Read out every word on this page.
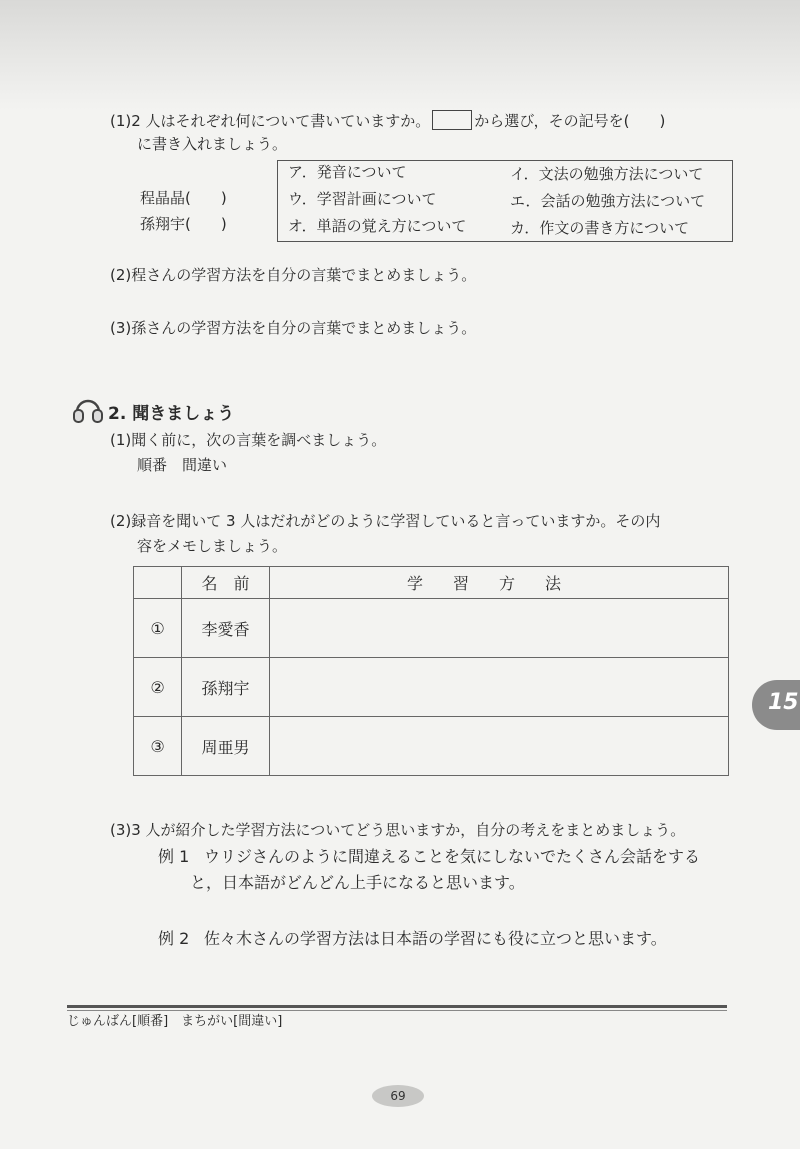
(1)2 人はそれぞれ何について書いていますか。	から選び，その記号を(　　)
に書き入れましょう。
程晶晶(　　)
孫翔宇(　　)
ア．発音について	イ．文法の勉強方法について
ウ．学習計画について	エ．会話の勉強方法について
オ．単語の覚え方について	カ．作文の書き方について
(2)程さんの学習方法を自分の言葉でまとめましょう。
(3)孫さんの学習方法を自分の言葉でまとめましょう。
2. 聞きましょう
(1)聞く前に，次の言葉を調べましょう。
順番　間違い
(2)録音を聞いて 3 人はだれがどのように学習していると言っていますか。その内
容をメモしましょう。
	名　前	学習方法
①	李愛香	
②	孫翔宇	
③	周亜男	
(3)3 人が紹介した学習方法についてどう思いますか，自分の考えをまとめましょう。
例 1 ウリジさんのように間違えることを気にしないでたくさん会話をする
と，日本語がどんどん上手になると思います。
例 2 佐々木さんの学習方法は日本語の学習にも役に立つと思います。
じゅんばん[順番]　まちがい[間違い]
15
69
